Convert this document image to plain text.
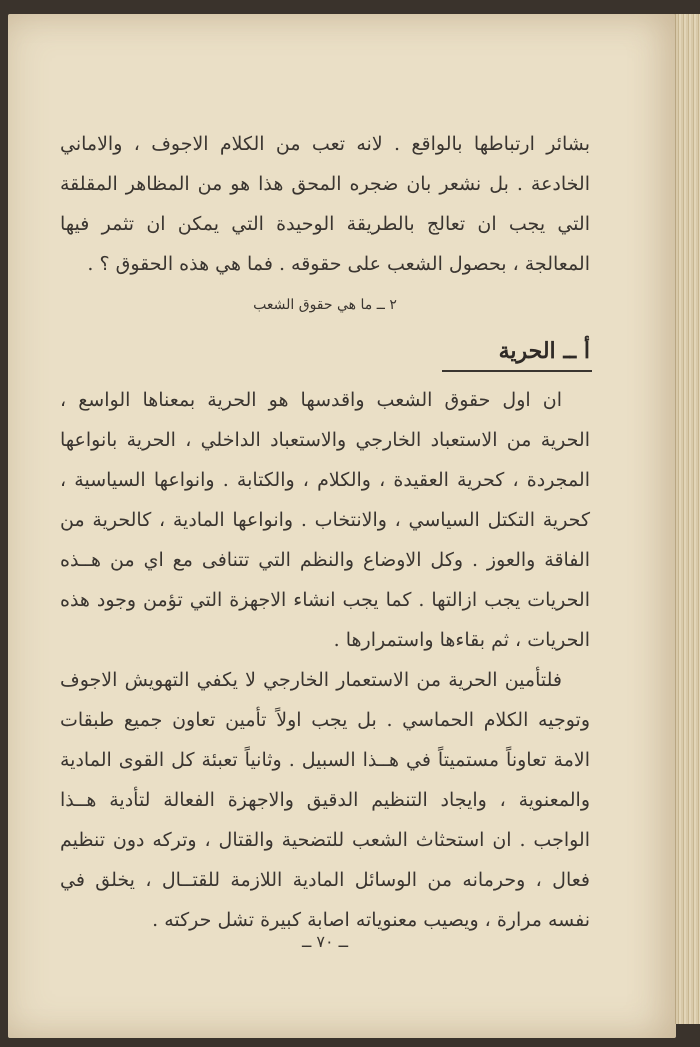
بشائر ارتباطها بالواقع . لانه تعب من الكلام الاجوف ، والاماني الخادعة . بل نشعر بان ضجره المحق هذا هو من المظاهر المقلقة التي يجب ان تعالج بالطريقة الوحيدة التي يمكن ان تثمر فيها المعالجة ، بحصول الشعب على حقوقه . فما هي هذه الحقوق ؟ .

٢ ــ ما هي حقوق الشعب
أ ــ الحرية

ان اول حقوق الشعب واقدسها هو الحرية بمعناها الواسع ، الحرية من الاستعباد الخارجي والاستعباد الداخلي ، الحرية بانواعها المجردة ، كحرية العقيدة ، والكلام ، والكتابة . وانواعها السياسية ، كحرية التكتل السياسي ، والانتخاب . وانواعها المادية ، كالحرية من الفاقة والعوز . وكل الاوضاع والنظم التي تتنافى مع اي من هــذه الحريات يجب ازالتها . كما يجب انشاء الاجهزة التي تؤمن وجود هذه الحريات ، ثم بقاءها واستمرارها .

فلتأمين الحرية من الاستعمار الخارجي لا يكفي التهويش الاجوف وتوجيه الكلام الحماسي . بل يجب اولاً تأمين تعاون جميع طبقات الامة تعاوناً مستميتاً في هــذا السبيل . وثانياً تعبئة كل القوى المادية والمعنوية ، وايجاد التنظيم الدقيق والاجهزة الفعالة لتأدية هــذا الواجب . ان استحثاث الشعب للتضحية والقتال ، وتركه دون تنظيم فعال ، وحرمانه من الوسائل المادية اللازمة للقتــال ، يخلق في نفسه مرارة ، ويصيب معنوياته اصابة كبيرة تشل حركته .

ــ ٧٠ ــ
